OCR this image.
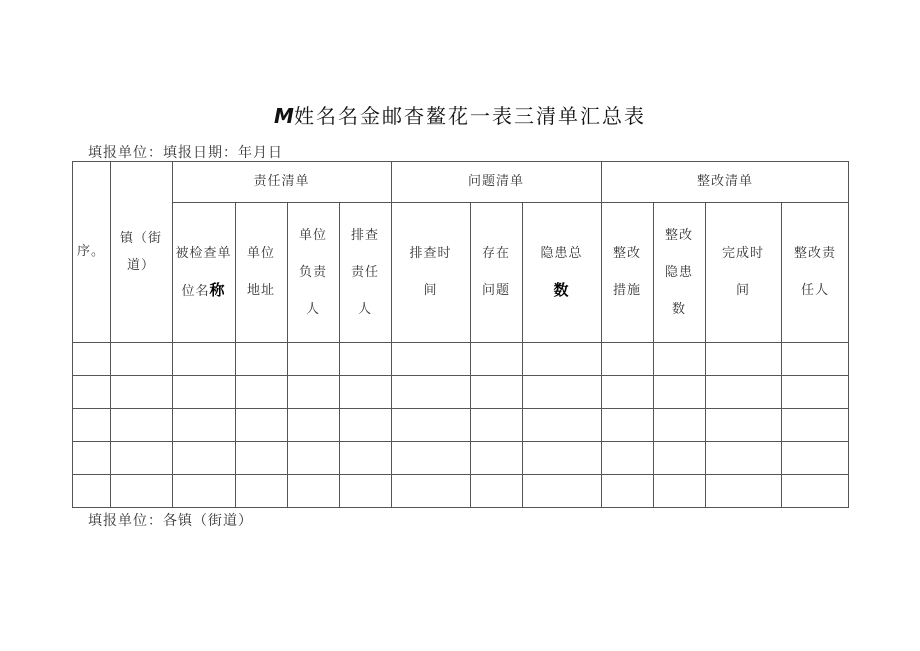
M姓名名金邮杳鳌花一表三清单汇总表
填报单位：填报日期：年月日
序。
镇（街
道）
责任清单	问题清单	整改清单
被检查单
位名称
单位
地址
单位
负责
人
排查
责任
人
排查时
间
存在
问题
隐患总
数
整改
措施
整改
隐患
数
完成时
间
整改责
任人
填报单位：各镇（街道）
